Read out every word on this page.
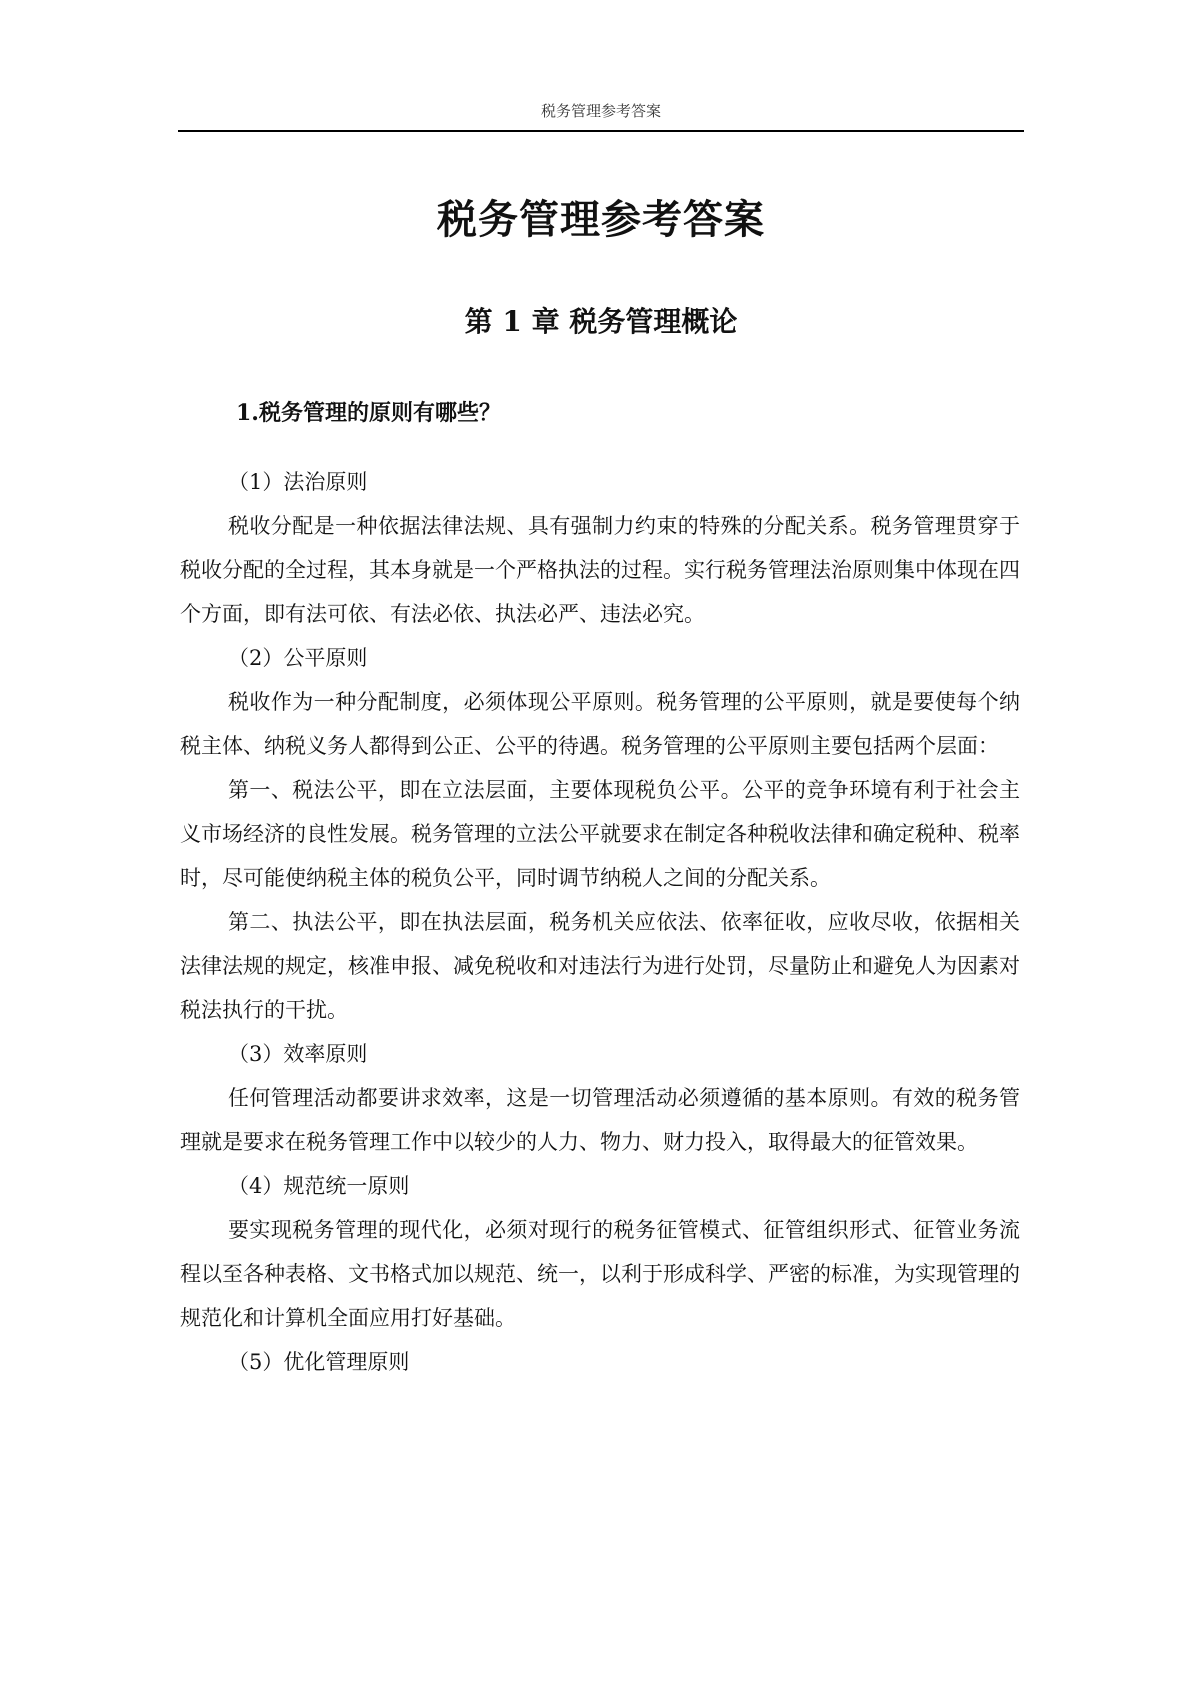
税务管理参考答案
税务管理参考答案
第 1 章 税务管理概论
1.税务管理的原则有哪些？

（1）法治原则

税收分配是一种依据法律法规、具有强制力约束的特殊的分配关系。税务管理贯穿于税收分配的全过程，其本身就是一个严格执法的过程。实行税务管理法治原则集中体现在四个方面，即有法可依、有法必依、执法必严、违法必究。

（2）公平原则

税收作为一种分配制度，必须体现公平原则。税务管理的公平原则，就是要使每个纳税主体、纳税义务人都得到公正、公平的待遇。税务管理的公平原则主要包括两个层面：

第一、税法公平，即在立法层面，主要体现税负公平。公平的竞争环境有利于社会主义市场经济的良性发展。税务管理的立法公平就要求在制定各种税收法律和确定税种、税率时，尽可能使纳税主体的税负公平，同时调节纳税人之间的分配关系。

第二、执法公平，即在执法层面，税务机关应依法、依率征收，应收尽收，依据相关法律法规的规定，核准申报、减免税收和对违法行为进行处罚，尽量防止和避免人为因素对税法执行的干扰。

（3）效率原则

任何管理活动都要讲求效率，这是一切管理活动必须遵循的基本原则。有效的税务管理就是要求在税务管理工作中以较少的人力、物力、财力投入，取得最大的征管效果。

（4）规范统一原则

要实现税务管理的现代化，必须对现行的税务征管模式、征管组织形式、征管业务流程以至各种表格、文书格式加以规范、统一，以利于形成科学、严密的标准，为实现管理的规范化和计算机全面应用打好基础。

（5）优化管理原则
